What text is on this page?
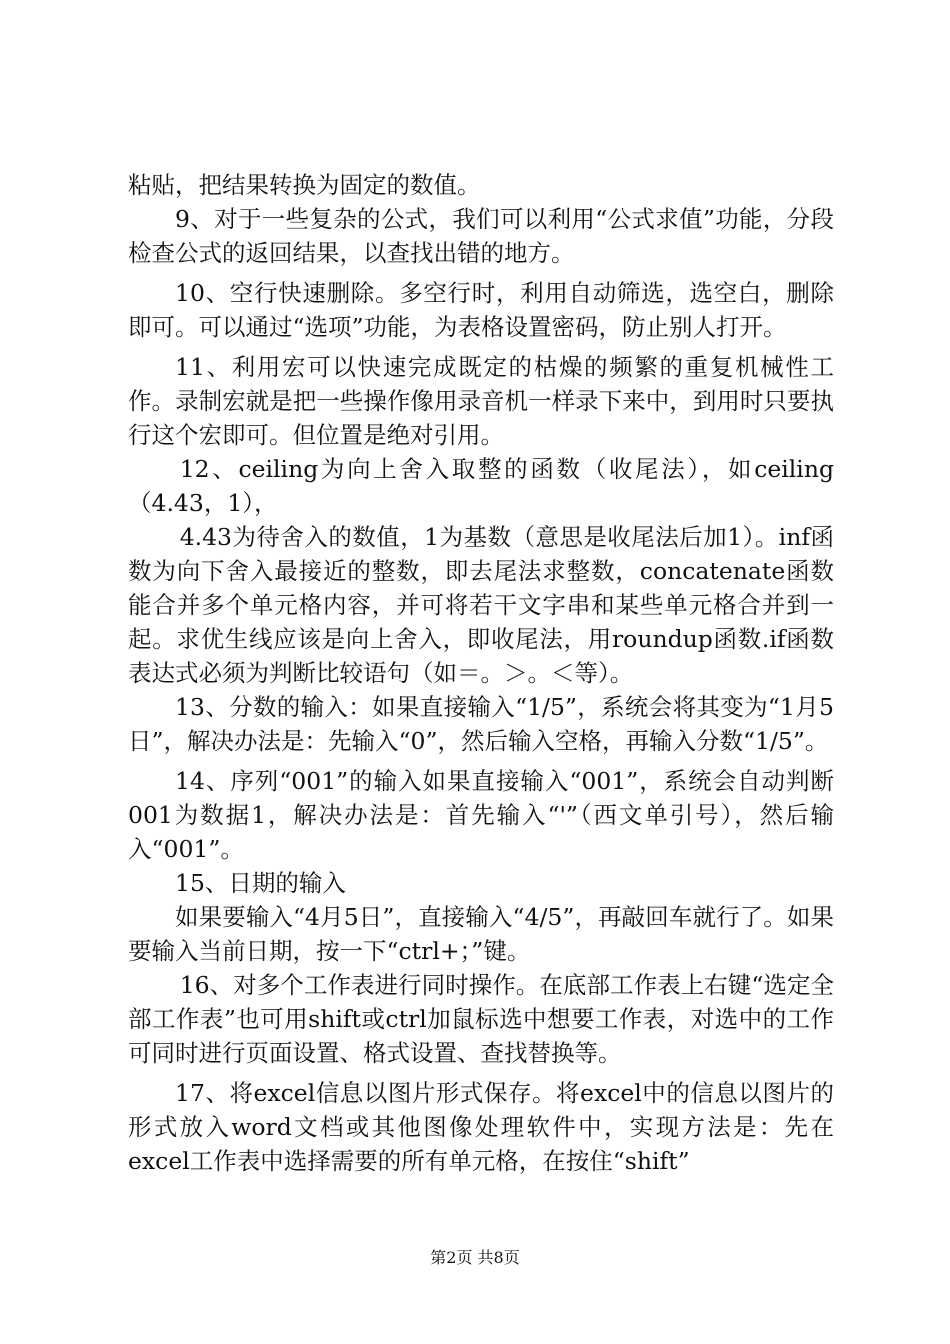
粘贴，把结果转换为固定的数值。

9、对于一些复杂的公式，我们可以利用“公式求值”功能，分段检查公式的返回结果，以查找出错的地方。

10、空行快速删除。多空行时，利用自动筛选，选空白，删除即可。可以通过“选项”功能，为表格设置密码，防止别人打开。

11、利用宏可以快速完成既定的枯燥的频繁的重复机械性工作。录制宏就是把一些操作像用录音机一样录下来中，到用时只要执行这个宏即可。但位置是绝对引用。

12、ceiling为向上舍入取整的函数（收尾法），如ceiling（4.43，1），

4.43为待舍入的数值，1为基数（意思是收尾法后加1）。inf函数为向下舍入最接近的整数，即去尾法求整数，concatenate函数能合并多个单元格内容，并可将若干文字串和某些单元格合并到一起。求优生线应该是向上舍入，即收尾法，用roundup函数.if函数表达式必须为判断比较语句（如＝。＞。＜等）。

13、分数的输入：如果直接输入“1/5”，系统会将其变为“1月5日”，解决办法是：先输入“0”，然后输入空格，再输入分数“1/5”。

14、序列“001”的输入如果直接输入“001”，系统会自动判断001为数据1，解决办法是：首先输入“'”（西文单引号），然后输入“001”。

15、日期的输入

如果要输入“4月5日”，直接输入“4/5”，再敲回车就行了。如果要输入当前日期，按一下“ctrl+；”键。

16、对多个工作表进行同时操作。在底部工作表上右键“选定全部工作表”也可用shift或ctrl加鼠标选中想要工作表，对选中的工作可同时进行页面设置、格式设置、查找替换等。

17、将excel信息以图片形式保存。将excel中的信息以图片的形式放入word文档或其他图像处理软件中，实现方法是：先在excel工作表中选择需要的所有单元格，在按住“shift”

第2页 共8页
